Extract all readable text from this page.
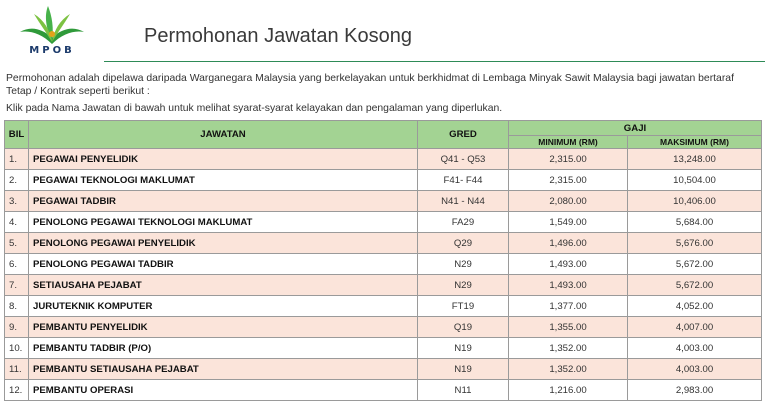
MPOB
Permohonan Jawatan Kosong
Permohonan adalah dipelawa daripada Warganegara Malaysia yang berkelayakan untuk berkhidmat di Lembaga Minyak Sawit Malaysia bagi jawatan bertaraf Tetap / Kontrak seperti berikut :
Klik pada Nama Jawatan di bawah untuk melihat syarat-syarat kelayakan dan pengalaman yang diperlukan.
BIL	JAWATAN	GRED	GAJI	
			MINIMUM (RM)	MAKSIMUM (RM)
1.	PEGAWAI PENYELIDIK	Q41 - Q53	2,315.00	13,248.00
2.	PEGAWAI TEKNOLOGI MAKLUMAT	F41- F44	2,315.00	10,504.00
3.	PEGAWAI TADBIR	N41 - N44	2,080.00	10,406.00
4.	PENOLONG PEGAWAI TEKNOLOGI MAKLUMAT	FA29	1,549.00	5,684.00
5.	PENOLONG PEGAWAI PENYELIDIK	Q29	1,496.00	5,676.00
6.	PENOLONG PEGAWAI TADBIR	N29	1,493.00	5,672.00
7.	SETIAUSAHA PEJABAT	N29	1,493.00	5,672.00
8.	JURUTEKNIK KOMPUTER	FT19	1,377.00	4,052.00
9.	PEMBANTU PENYELIDIK	Q19	1,355.00	4,007.00
10.	PEMBANTU TADBIR (P/O)	N19	1,352.00	4,003.00
11.	PEMBANTU SETIAUSAHA PEJABAT	N19	1,352.00	4,003.00
12.	PEMBANTU OPERASI	N11	1,216.00	2,983.00
